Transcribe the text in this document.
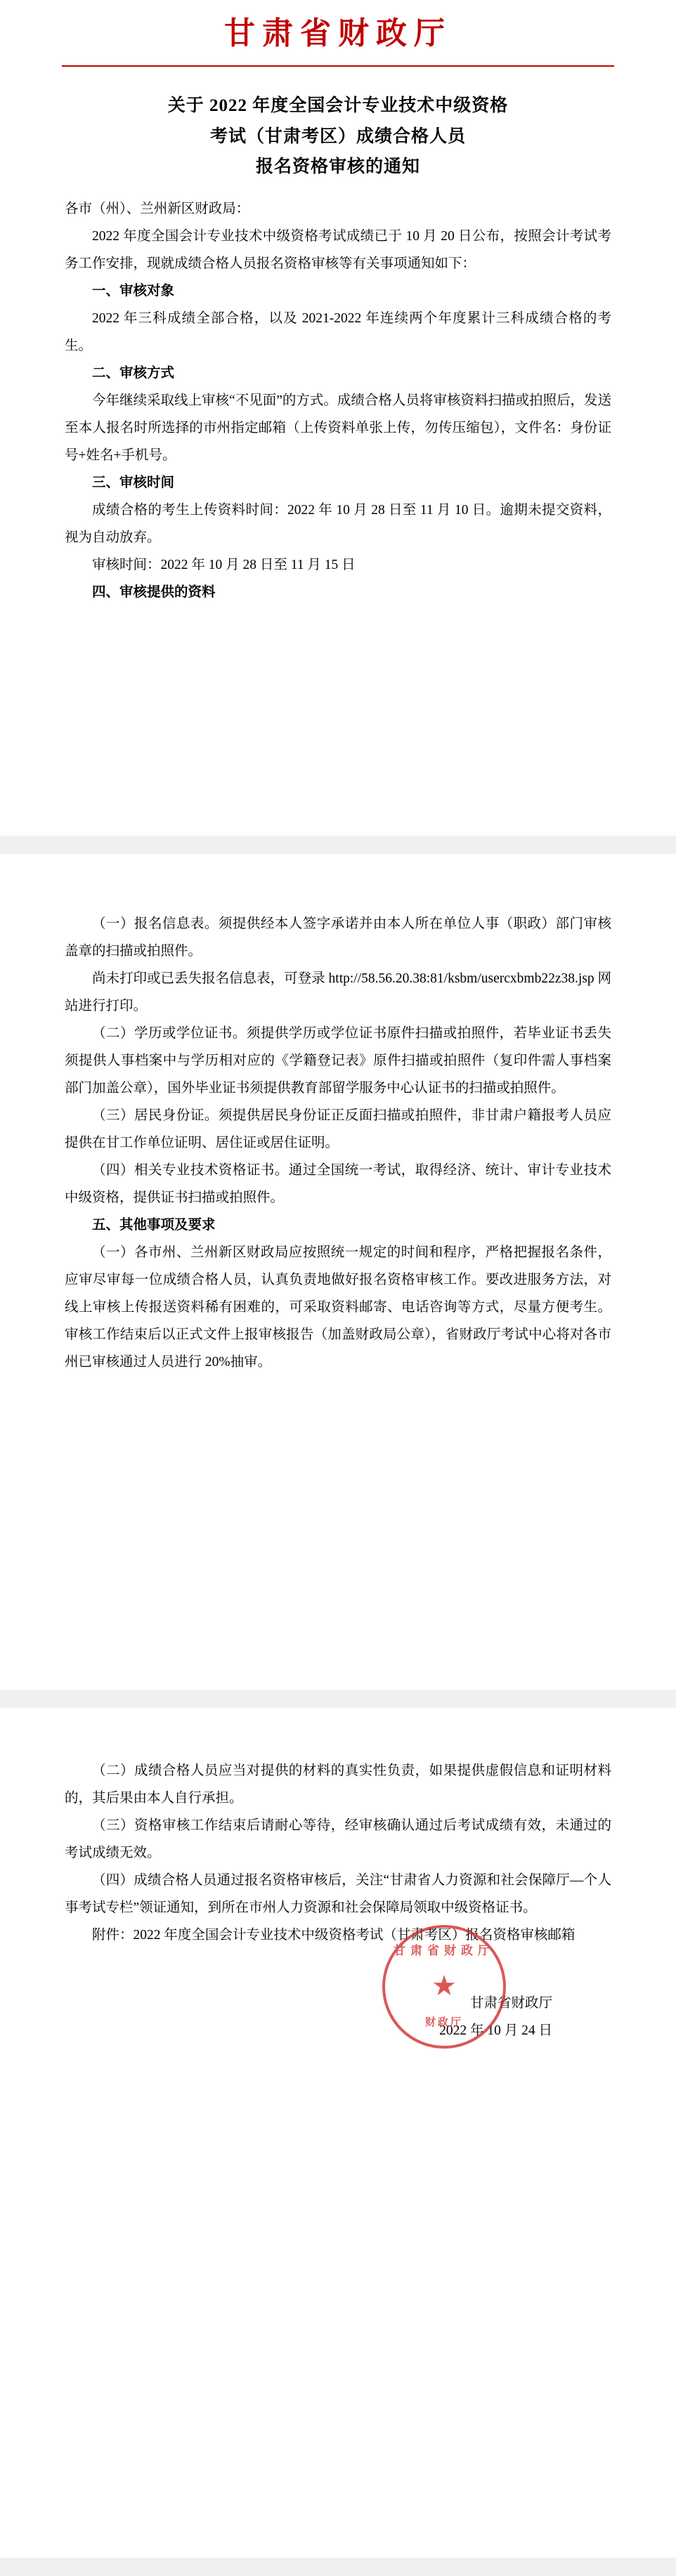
甘肃省财政厅
关于 2022 年度全国会计专业技术中级资格
考试（甘肃考区）成绩合格人员
报名资格审核的通知

各市（州）、兰州新区财政局：

2022 年度全国会计专业技术中级资格考试成绩已于 10 月 20 日公布，按照会计考试考务工作安排，现就成绩合格人员报名资格审核等有关事项通知如下：

一、审核对象

2022 年三科成绩全部合格，以及 2021-2022 年连续两个年度累计三科成绩合格的考生。

二、审核方式

今年继续采取线上审核“不见面”的方式。成绩合格人员将审核资料扫描或拍照后，发送至本人报名时所选择的市州指定邮箱（上传资料单张上传，勿传压缩包），文件名：身份证号+姓名+手机号。

三、审核时间

成绩合格的考生上传资料时间：2022 年 10 月 28 日至 11 月 10 日。逾期未提交资料，视为自动放弃。

审核时间：2022 年 10 月 28 日至 11 月 15 日

四、审核提供的资料

（一）报名信息表。须提供经本人签字承诺并由本人所在单位人事（职政）部门审核盖章的扫描或拍照件。

尚未打印或已丢失报名信息表，可登录 http://58.56.20.38:81/ksbm/usercxbmb22z38.jsp 网站进行打印。

（二）学历或学位证书。须提供学历或学位证书原件扫描或拍照件，若毕业证书丢失须提供人事档案中与学历相对应的《学籍登记表》原件扫描或拍照件（复印件需人事档案部门加盖公章），国外毕业证书须提供教育部留学服务中心认证书的扫描或拍照件。

（三）居民身份证。须提供居民身份证正反面扫描或拍照件，非甘肃户籍报考人员应提供在甘工作单位证明、居住证或居住证明。

（四）相关专业技术资格证书。通过全国统一考试，取得经济、统计、审计专业技术中级资格，提供证书扫描或拍照件。

五、其他事项及要求

（一）各市州、兰州新区财政局应按照统一规定的时间和程序，严格把握报名条件，应审尽审每一位成绩合格人员，认真负责地做好报名资格审核工作。要改进服务方法，对线上审核上传报送资料稀有困难的，可采取资料邮寄、电话咨询等方式，尽量方便考生。审核工作结束后以正式文件上报审核报告（加盖财政局公章），省财政厅考试中心将对各市州已审核通过人员进行 20%抽审。

（二）成绩合格人员应当对提供的材料的真实性负责，如果提供虚假信息和证明材料的，其后果由本人自行承担。

（三）资格审核工作结束后请耐心等待，经审核确认通过后考试成绩有效，未通过的考试成绩无效。

（四）成绩合格人员通过报名资格审核后，关注“甘肃省人力资源和社会保障厅—个人事考试专栏”领证通知，到所在市州人力资源和社会保障局领取中级资格证书。

附件：2022 年度全国会计专业技术中级资格考试（甘肃考区）报名资格审核邮箱

甘肃省财政厅
★
财政厅
甘肃省财政厅
2022 年 10 月 24 日
